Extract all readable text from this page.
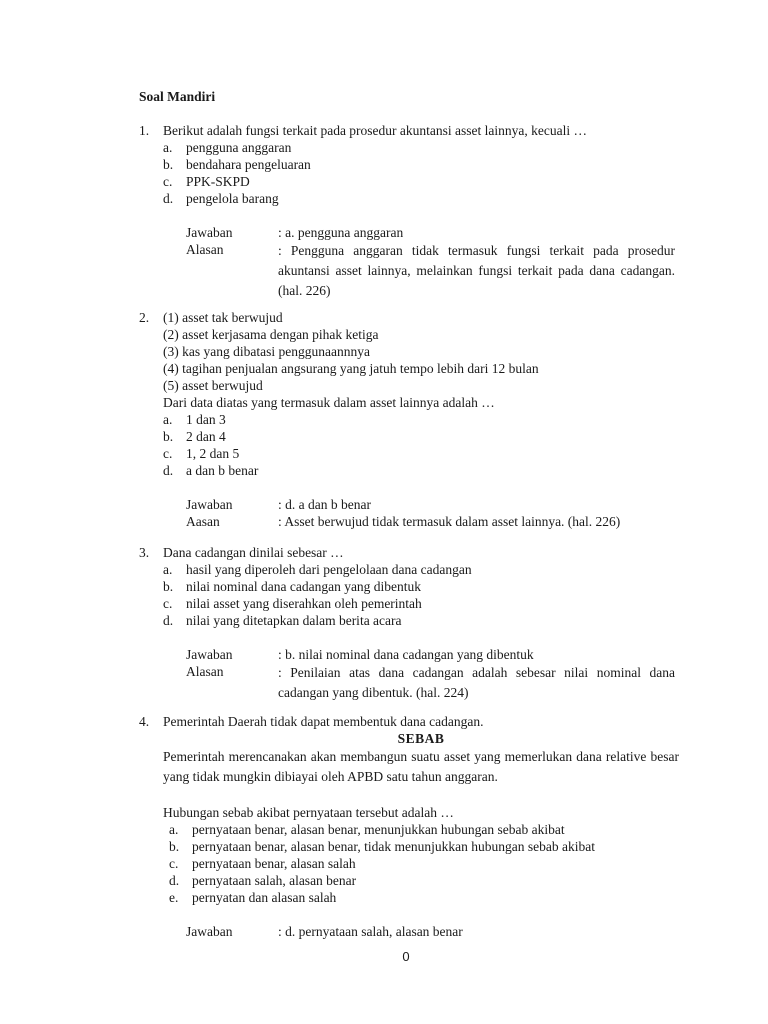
Soal Mandiri
1. Berikut adalah fungsi terkait pada prosedur akuntansi asset lainnya, kecuali …
a. pengguna anggaran
b. bendahara pengeluaran
c. PPK-SKPD
d. pengelola barang
Jawaban	: a. pengguna anggaran
Alasan	: Pengguna anggaran tidak termasuk fungsi terkait pada prosedur akuntansi asset lainnya, melainkan fungsi terkait pada dana cadangan. (hal. 226)
2. (1) asset tak berwujud
(2) asset kerjasama dengan pihak ketiga
(3) kas yang dibatasi penggunaannnya
(4) tagihan penjualan angsurang yang jatuh tempo lebih dari 12 bulan
(5) asset berwujud
Dari data diatas yang termasuk dalam asset lainnya adalah …
a. 1 dan 3
b. 2 dan 4
c. 1, 2 dan 5
d. a dan b benar
Jawaban	: d. a dan b benar
Aasan	: Asset berwujud tidak termasuk dalam asset lainnya. (hal. 226)
3. Dana cadangan dinilai sebesar …
a. hasil yang diperoleh dari pengelolaan dana cadangan
b. nilai nominal dana cadangan yang dibentuk
c. nilai asset yang diserahkan oleh pemerintah
d. nilai yang ditetapkan dalam berita acara
Jawaban	: b. nilai nominal dana cadangan yang dibentuk
Alasan	: Penilaian atas dana cadangan adalah sebesar nilai nominal dana cadangan yang dibentuk. (hal. 224)
4. Pemerintah Daerah tidak dapat membentuk dana cadangan.
SEBAB
Pemerintah merencanakan akan membangun suatu asset yang memerlukan dana relative besar yang tidak mungkin dibiayai oleh APBD satu tahun anggaran.
Hubungan sebab akibat pernyataan tersebut adalah …
a. pernyataan benar, alasan benar, menunjukkan hubungan sebab akibat
b. pernyataan benar, alasan benar, tidak menunjukkan hubungan sebab akibat
c. pernyataan benar, alasan salah
d. pernyataan salah, alasan benar
e. pernyatan dan alasan salah
Jawaban	: d. pernyataan salah, alasan benar
0
